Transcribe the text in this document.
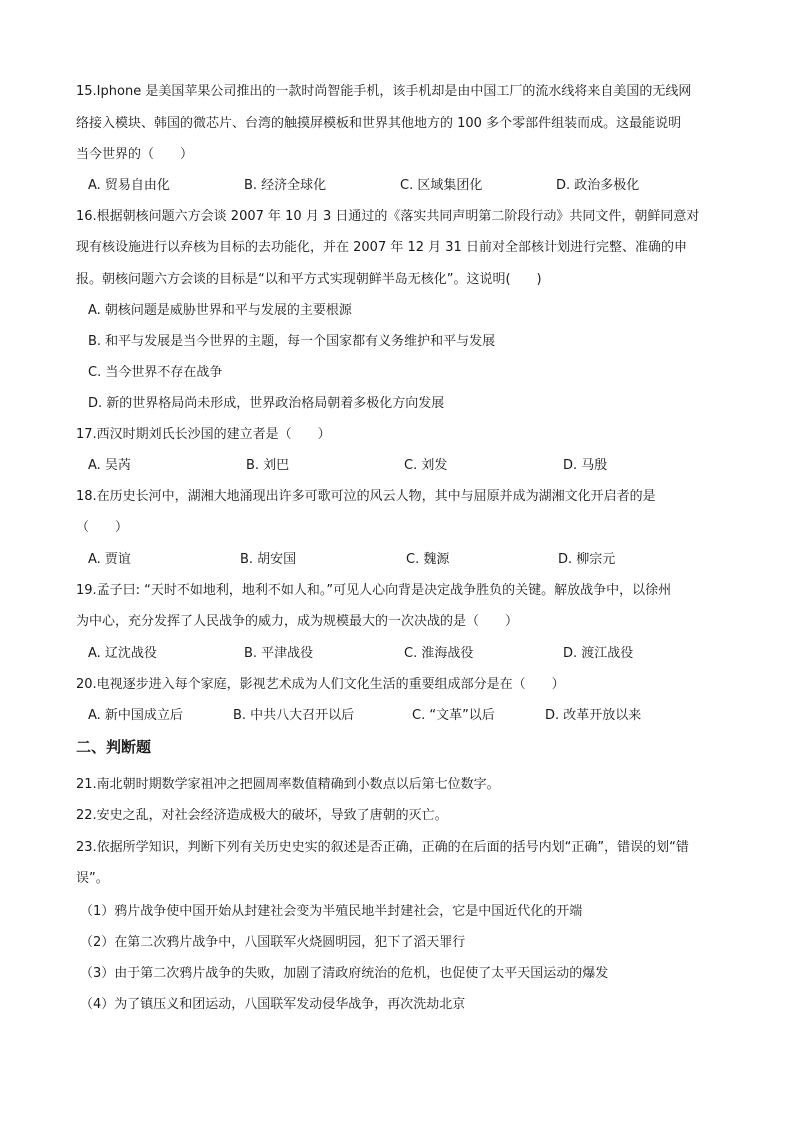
15.Iphone 是美国苹果公司推出的一款时尚智能手机，该手机却是由中国工厂的流水线将来自美国的无线网
络接入模块、韩国的微芯片、台湾的触摸屏模板和世界其他地方的 100 多个零部件组装而成。这最能说明
当今世界的（　　）
A. 贸易自由化	B. 经济全球化	C. 区域集团化	D. 政治多极化
16.根据朝核问题六方会谈 2007 年 10 月 3 日通过的《落实共同声明第二阶段行动》共同文件，朝鲜同意对
现有核设施进行以弃核为目标的去功能化，并在 2007 年 12 月 31 日前对全部核计划进行完整、准确的申
报。朝核问题六方会谈的目标是“以和平方式实现朝鲜半岛无核化”。这说明(　　)
A. 朝核问题是威胁世界和平与发展的主要根源
B. 和平与发展是当今世界的主题，每一个国家都有义务维护和平与发展
C. 当今世界不存在战争
D. 新的世界格局尚未形成，世界政治格局朝着多极化方向发展
17.西汉时期刘氏长沙国的建立者是（　　）
A. 吴芮	B. 刘巴	C. 刘发	D. 马殷
18.在历史长河中，湖湘大地涌现出许多可歌可泣的风云人物，其中与屈原并成为湖湘文化开启者的是
（　　）
A. 贾谊	B. 胡安国	C. 魏源	D. 柳宗元
19.孟子曰: “天时不如地利，地利不如人和。”可见人心向背是决定战争胜负的关键。解放战争中，以徐州
为中心，充分发挥了人民战争的威力，成为规模最大的一次决战的是（　　）
A. 辽沈战役	B. 平津战役	C. 淮海战役	D. 渡江战役
20.电视逐步进入每个家庭，影视艺术成为人们文化生活的重要组成部分是在（　　）
A. 新中国成立后	B. 中共八大召开以后	C. “文革”以后	D. 改革开放以来
二、判断题
21.南北朝时期数学家祖冲之把圆周率数值精确到小数点以后第七位数字。
22.安史之乱，对社会经济造成极大的破坏，导致了唐朝的灭亡。
23.依据所学知识，判断下列有关历史史实的叙述是否正确，正确的在后面的括号内划“正确”，错误的划“错
误”。
（1）鸦片战争使中国开始从封建社会变为半殖民地半封建社会，它是中国近代化的开端
（2）在第二次鸦片战争中，八国联军火烧圆明园，犯下了滔天罪行
（3）由于第二次鸦片战争的失败，加剧了清政府统治的危机，也促使了太平天国运动的爆发
（4）为了镇压义和团运动，八国联军发动侵华战争，再次洗劫北京
